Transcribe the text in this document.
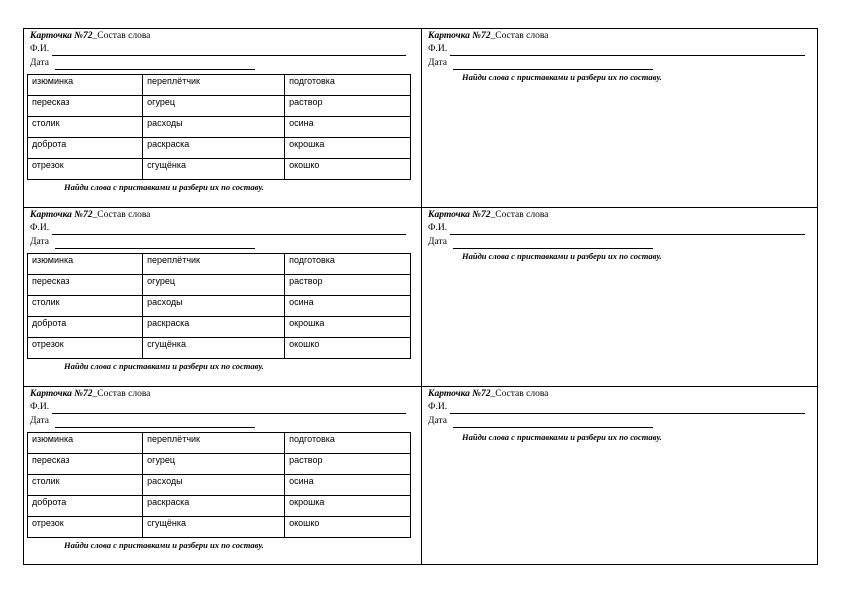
Карточка №72_Состав слова
Ф.И.
Дата
изюминка	переплётчик	подготовка
пересказ	огурец	раствор
столик	расходы	осина
доброта	раскраска	окрошка
отрезок	сгущёнка	окошко
Найди слова с приставками и разбери их по составу.
Карточка №72_Состав слова
Ф.И.
Дата
изюминка	переплётчик	подготовка
пересказ	огурец	раствор
столик	расходы	осина
доброта	раскраска	окрошка
отрезок	сгущёнка	окошко
Найди слова с приставками и разбери их по составу.
Карточка №72_Состав слова
Ф.И.
Дата
изюминка	переплётчик	подготовка
пересказ	огурец	раствор
столик	расходы	осина
доброта	раскраска	окрошка
отрезок	сгущёнка	окошко
Найди слова с приставками и разбери их по составу.
Карточка №72_Состав слова
Ф.И.
Дата
Найди слова с приставками и разбери их по составу.
Карточка №72_Состав слова
Ф.И.
Дата
Найди слова с приставками и разбери их по составу.
Карточка №72_Состав слова
Ф.И.
Дата
Найди слова с приставками и разбери их по составу.
